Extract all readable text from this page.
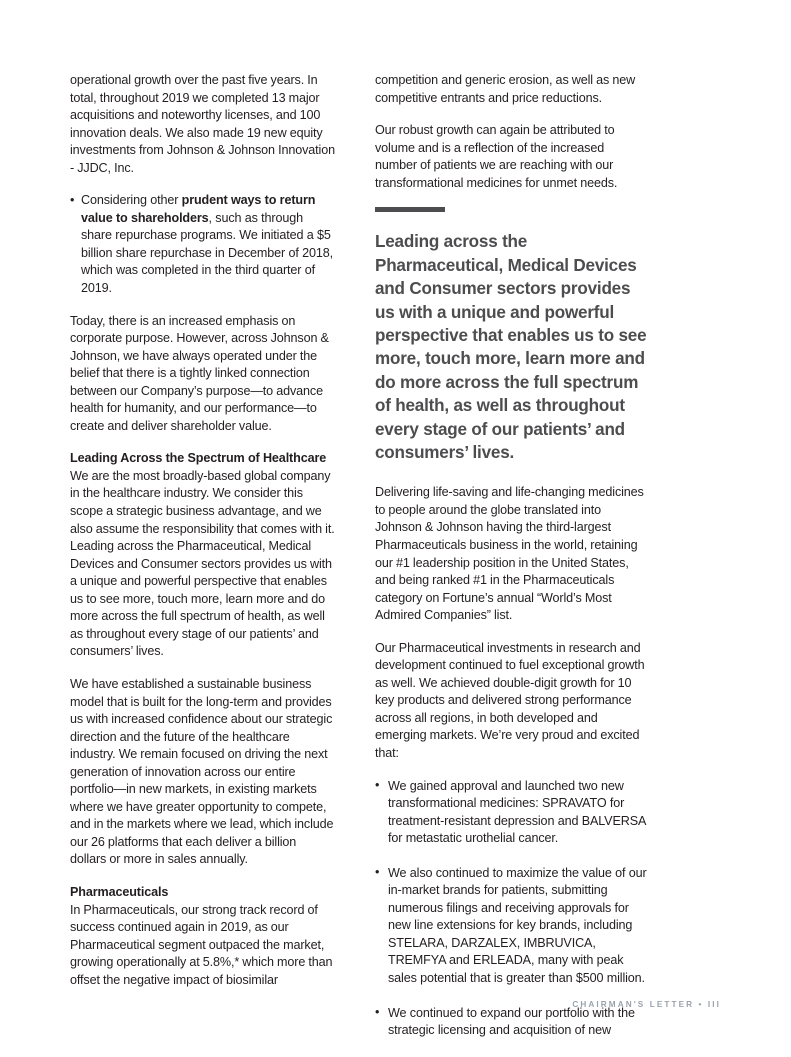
operational growth over the past five years. In total, throughout 2019 we completed 13 major acquisitions and noteworthy licenses, and 100 innovation deals. We also made 19 new equity investments from Johnson & Johnson Innovation - JJDC, Inc.

• Considering other prudent ways to return value to shareholders, such as through share repurchase programs. We initiated a $5 billion share repurchase in December of 2018, which was completed in the third quarter of 2019.

Today, there is an increased emphasis on corporate purpose. However, across Johnson & Johnson, we have always operated under the belief that there is a tightly linked connection between our Company’s purpose—to advance health for humanity, and our performance—to create and deliver shareholder value.

Leading Across the Spectrum of Healthcare

We are the most broadly-based global company in the healthcare industry. We consider this scope a strategic business advantage, and we also assume the responsibility that comes with it. Leading across the Pharmaceutical, Medical Devices and Consumer sectors provides us with a unique and powerful perspective that enables us to see more, touch more, learn more and do more across the full spectrum of health, as well as throughout every stage of our patients’ and consumers’ lives.

We have established a sustainable business model that is built for the long-term and provides us with increased confidence about our strategic direction and the future of the healthcare industry. We remain focused on driving the next generation of innovation across our entire portfolio—in new markets, in existing markets where we have greater opportunity to compete, and in the markets where we lead, which include our 26 platforms that each deliver a billion dollars or more in sales annually.

Pharmaceuticals

In Pharmaceuticals, our strong track record of success continued again in 2019, as our Pharmaceutical segment outpaced the market, growing operationally at 5.8%,* which more than offset the negative impact of biosimilar

competition and generic erosion, as well as new competitive entrants and price reductions.

Our robust growth can again be attributed to volume and is a reflection of the increased number of patients we are reaching with our transformational medicines for unmet needs.

Leading across the Pharmaceutical, Medical Devices and Consumer sectors provides us with a unique and powerful perspective that enables us to see more, touch more, learn more and do more across the full spectrum of health, as well as throughout every stage of our patients’ and consumers’ lives.

Delivering life-saving and life-changing medicines to people around the globe translated into Johnson & Johnson having the third-largest Pharmaceuticals business in the world, retaining our #1 leadership position in the United States, and being ranked #1 in the Pharmaceuticals category on Fortune’s annual “World’s Most Admired Companies” list.

Our Pharmaceutical investments in research and development continued to fuel exceptional growth as well. We achieved double-digit growth for 10 key products and delivered strong performance across all regions, in both developed and emerging markets. We’re very proud and excited that:

• We gained approval and launched two new transformational medicines: SPRAVATO for treatment-resistant depression and BALVERSA for metastatic urothelial cancer.
• We also continued to maximize the value of our in-market brands for patients, submitting numerous filings and receiving approvals for new line extensions for key brands, including STELARA, DARZALEX, IMBRUVICA, TREMFYA and ERLEADA, many with peak sales potential that is greater than $500 million.
• We continued to expand our portfolio with the strategic licensing and acquisition of new
CHAIRMAN'S LETTER • III
